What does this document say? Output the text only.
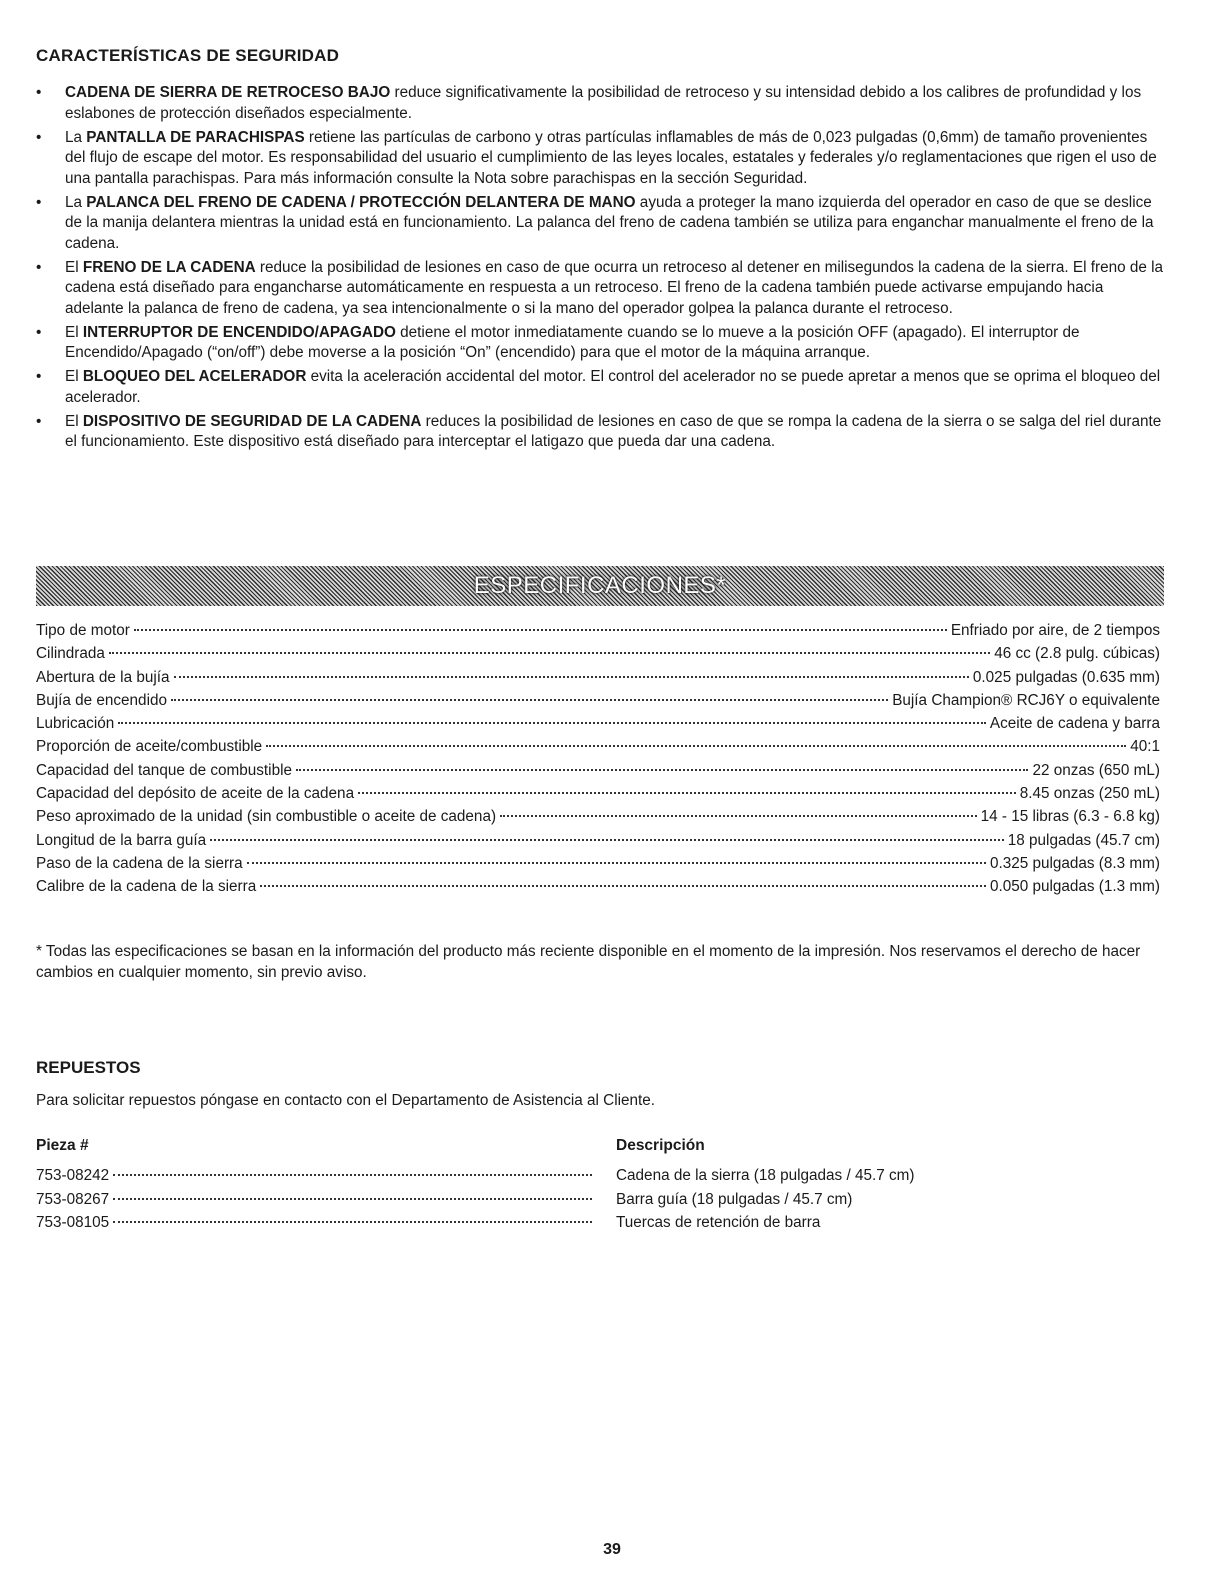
CARACTERÍSTICAS DE SEGURIDAD
•	CADENA DE SIERRA DE RETROCESO BAJO reduce significativamente la posibilidad de retroceso y su intensidad debido a los calibres de profundidad y los eslabones de protección diseñados especialmente.
•	La PANTALLA DE PARACHISPAS retiene las partículas de carbono y otras partículas inflamables de más de 0,023 pulgadas (0,6mm) de tamaño provenientes del flujo de escape del motor. Es responsabilidad del usuario el cumplimiento de las leyes locales, estatales y federales y/o reglamentaciones que rigen el uso de una pantalla parachispas. Para más información consulte la Nota sobre parachispas en la sección Seguridad.
•	La PALANCA DEL FRENO DE CADENA / PROTECCIÓN DELANTERA DE MANO ayuda a proteger la mano izquierda del operador en caso de que se deslice de la manija delantera mientras la unidad está en funcionamiento. La palanca del freno de cadena también se utiliza para enganchar manualmente el freno de la cadena.
•	El FRENO DE LA CADENA reduce la posibilidad de lesiones en caso de que ocurra un retroceso al detener en milisegundos la cadena de la sierra. El freno de la cadena está diseñado para engancharse automáticamente en respuesta a un retroceso. El freno de la cadena también puede activarse empujando hacia adelante la palanca de freno de cadena, ya sea intencionalmente o si la mano del operador golpea la palanca durante el retroceso.
•	El INTERRUPTOR DE ENCENDIDO/APAGADO detiene el motor inmediatamente cuando se lo mueve a la posición OFF (apagado). El interruptor de Encendido/Apagado (“on/off”) debe moverse a la posición “On” (encendido) para que el motor de la máquina arranque.
•	El BLOQUEO DEL ACELERADOR evita la aceleración accidental del motor. El control del acelerador no se puede apretar a menos que se oprima el bloqueo del acelerador.
•	El DISPOSITIVO DE SEGURIDAD DE LA CADENA reduces la posibilidad de lesiones en caso de que se rompa la cadena de la sierra o se salga del riel durante el funcionamiento. Este dispositivo está diseñado para interceptar el latigazo que pueda dar una cadena.
ESPECIFICACIONES*
Tipo de motor	Enfriado por aire, de 2 tiempos
Cilindrada	46 cc (2.8 pulg. cúbicas)
Abertura de la bujía	0.025 pulgadas (0.635 mm)
Bujía de encendido	Bujía Champion® RCJ6Y o equivalente
Lubricación	Aceite de cadena y barra
Proporción de aceite/combustible	40:1
Capacidad del tanque de combustible	22 onzas (650 mL)
Capacidad del depósito de aceite de la cadena	8.45 onzas (250 mL)
Peso aproximado de la unidad (sin combustible o aceite de cadena)	14 - 15 libras (6.3 - 6.8 kg)
Longitud de la barra guía	18 pulgadas (45.7 cm)
Paso de la cadena de la sierra	0.325 pulgadas (8.3 mm)
Calibre de la cadena de la sierra	0.050 pulgadas (1.3 mm)

* Todas las especificaciones se basan en la información del producto más reciente disponible en el momento de la impresión. Nos reservamos el derecho de hacer cambios en cualquier momento, sin previo aviso.

REPUESTOS

Para solicitar repuestos póngase en contacto con el Departamento de Asistencia al Cliente.

Pieza #	Descripción
753-08242	Cadena de la sierra (18 pulgadas / 45.7 cm)
753-08267	Barra guía (18 pulgadas / 45.7 cm)
753-08105	Tuercas de retención de barra
39
